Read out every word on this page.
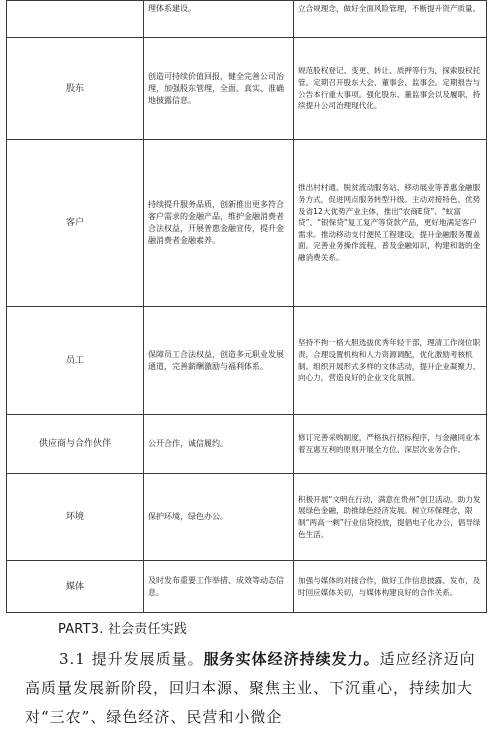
	理体系建设。	立合规理念，做好全面风险管理，不断提升资产质量。
股东	创造可持续价值回报，健全完善公司治理，加强股东管理，全面、真实、准确地披露信息。	规范股权登记、变更、转让、质押等行为，探索股权托管。定期召开股东大会、董事会、监事会。定期报告与公告本行重大事项。强化股东、董监事会以及履职，持续提升公司治理现代化。
客户	持续提升服务品质，创新推出更多符合客户需求的金融产品，维护金融消费者合法权益，开展普惠金融宣传，提升金融消费者金融素养。	推出村村通、脱贫流动服务站、移动展业等普惠金融服务方式，促进网点服务转型升级。主动对接特色、优势及省12大优势产业主体，推出“农商E贷”、“蚁富贷”、“银保贷”复工复产等贷款产品，更好地满足客户需求。推动移动支付便民工程建设，提升金融服务覆盖面。完善业务操作流程，普及金融知识，构建和谐的金融消费关系。
员工	保障员工合法权益，创造多元职业发展通道，完善薪酬激励与福利体系。	坚持不拘一格大胆选拔优秀年轻干部，理清工作岗位职责，合理设置机构和人力资源调配，优化激励考核机制。组织开展形式多样的文体活动，提升企业凝聚力、向心力，营造良好的企业文化氛围。
供应商与合作伙伴	公开合作，诚信履约。	修订完善采购制度，严格执行招标程序，与金融同业本着互惠互利的原则开展全方位、深层次业务合作。
环境	保护环境，绿色办公。	积极开展“文明在行动，满意在贵州”创卫活动。助力发展绿色金融，助推绿色经济发展。树立环保理念，限制“两高一剩”行业信贷投放，提倡电子化办公，倡导绿色生活。
媒体	及时发布重要工作举措、成效等动态信息。	加强与媒体的对接合作，做好工作信息披露、发布，及时回应媒体关切，与媒体构建良好的合作关系。
PART3. 社会责任实践

3.1 提升发展质量。服务实体经济持续发力。适应经济迈向高质量发展新阶段，回归本源、聚焦主业、下沉重心，持续加大对“三农”、绿色经济、民营和小微企
